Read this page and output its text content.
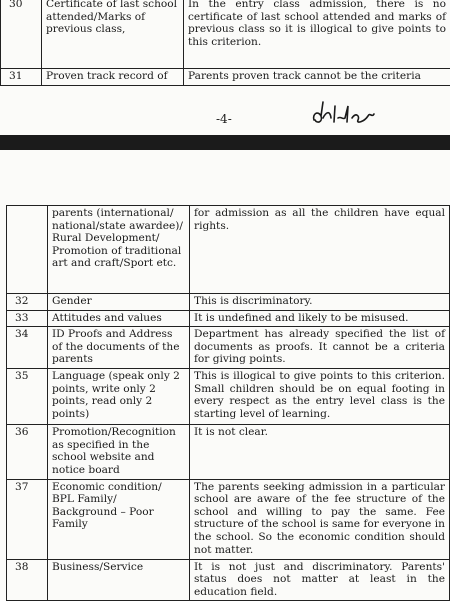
30	Certificate of last school attended/Marks of previous class,	In the entry class admission, there is no certificate of last school attended and marks of previous class so it is illogical to give points to this criterion.
31	Proven track record of	Parents proven track cannot be the criteria
-4-
	parents (international/ national/state awardee)/ Rural Development/ Promotion of traditional art and craft/Sport etc.	for admission as all the children have equal rights.
32	Gender	This is discriminatory.
33	Attitudes and values	It is undefined and likely to be misused.
34	ID Proofs and Address of the documents of the parents	Department has already specified the list of documents as proofs. It cannot be a criteria for giving points.
35	Language (speak only 2 points, write only 2 points, read only 2 points)	This is illogical to give points to this criterion. Small children should be on equal footing in every respect as the entry level class is the starting level of learning.
36	Promotion/Recognition as specified in the school website and notice board	It is not clear.
37	Economic condition/ BPL Family/ Background – Poor Family	The parents seeking admission in a particular school are aware of the fee structure of the school and willing to pay the same. Fee structure of the school is same for everyone in the school. So the economic condition should not matter.
38	Business/Service	It is not just and discriminatory. Parents' status does not matter at least in the education field.
